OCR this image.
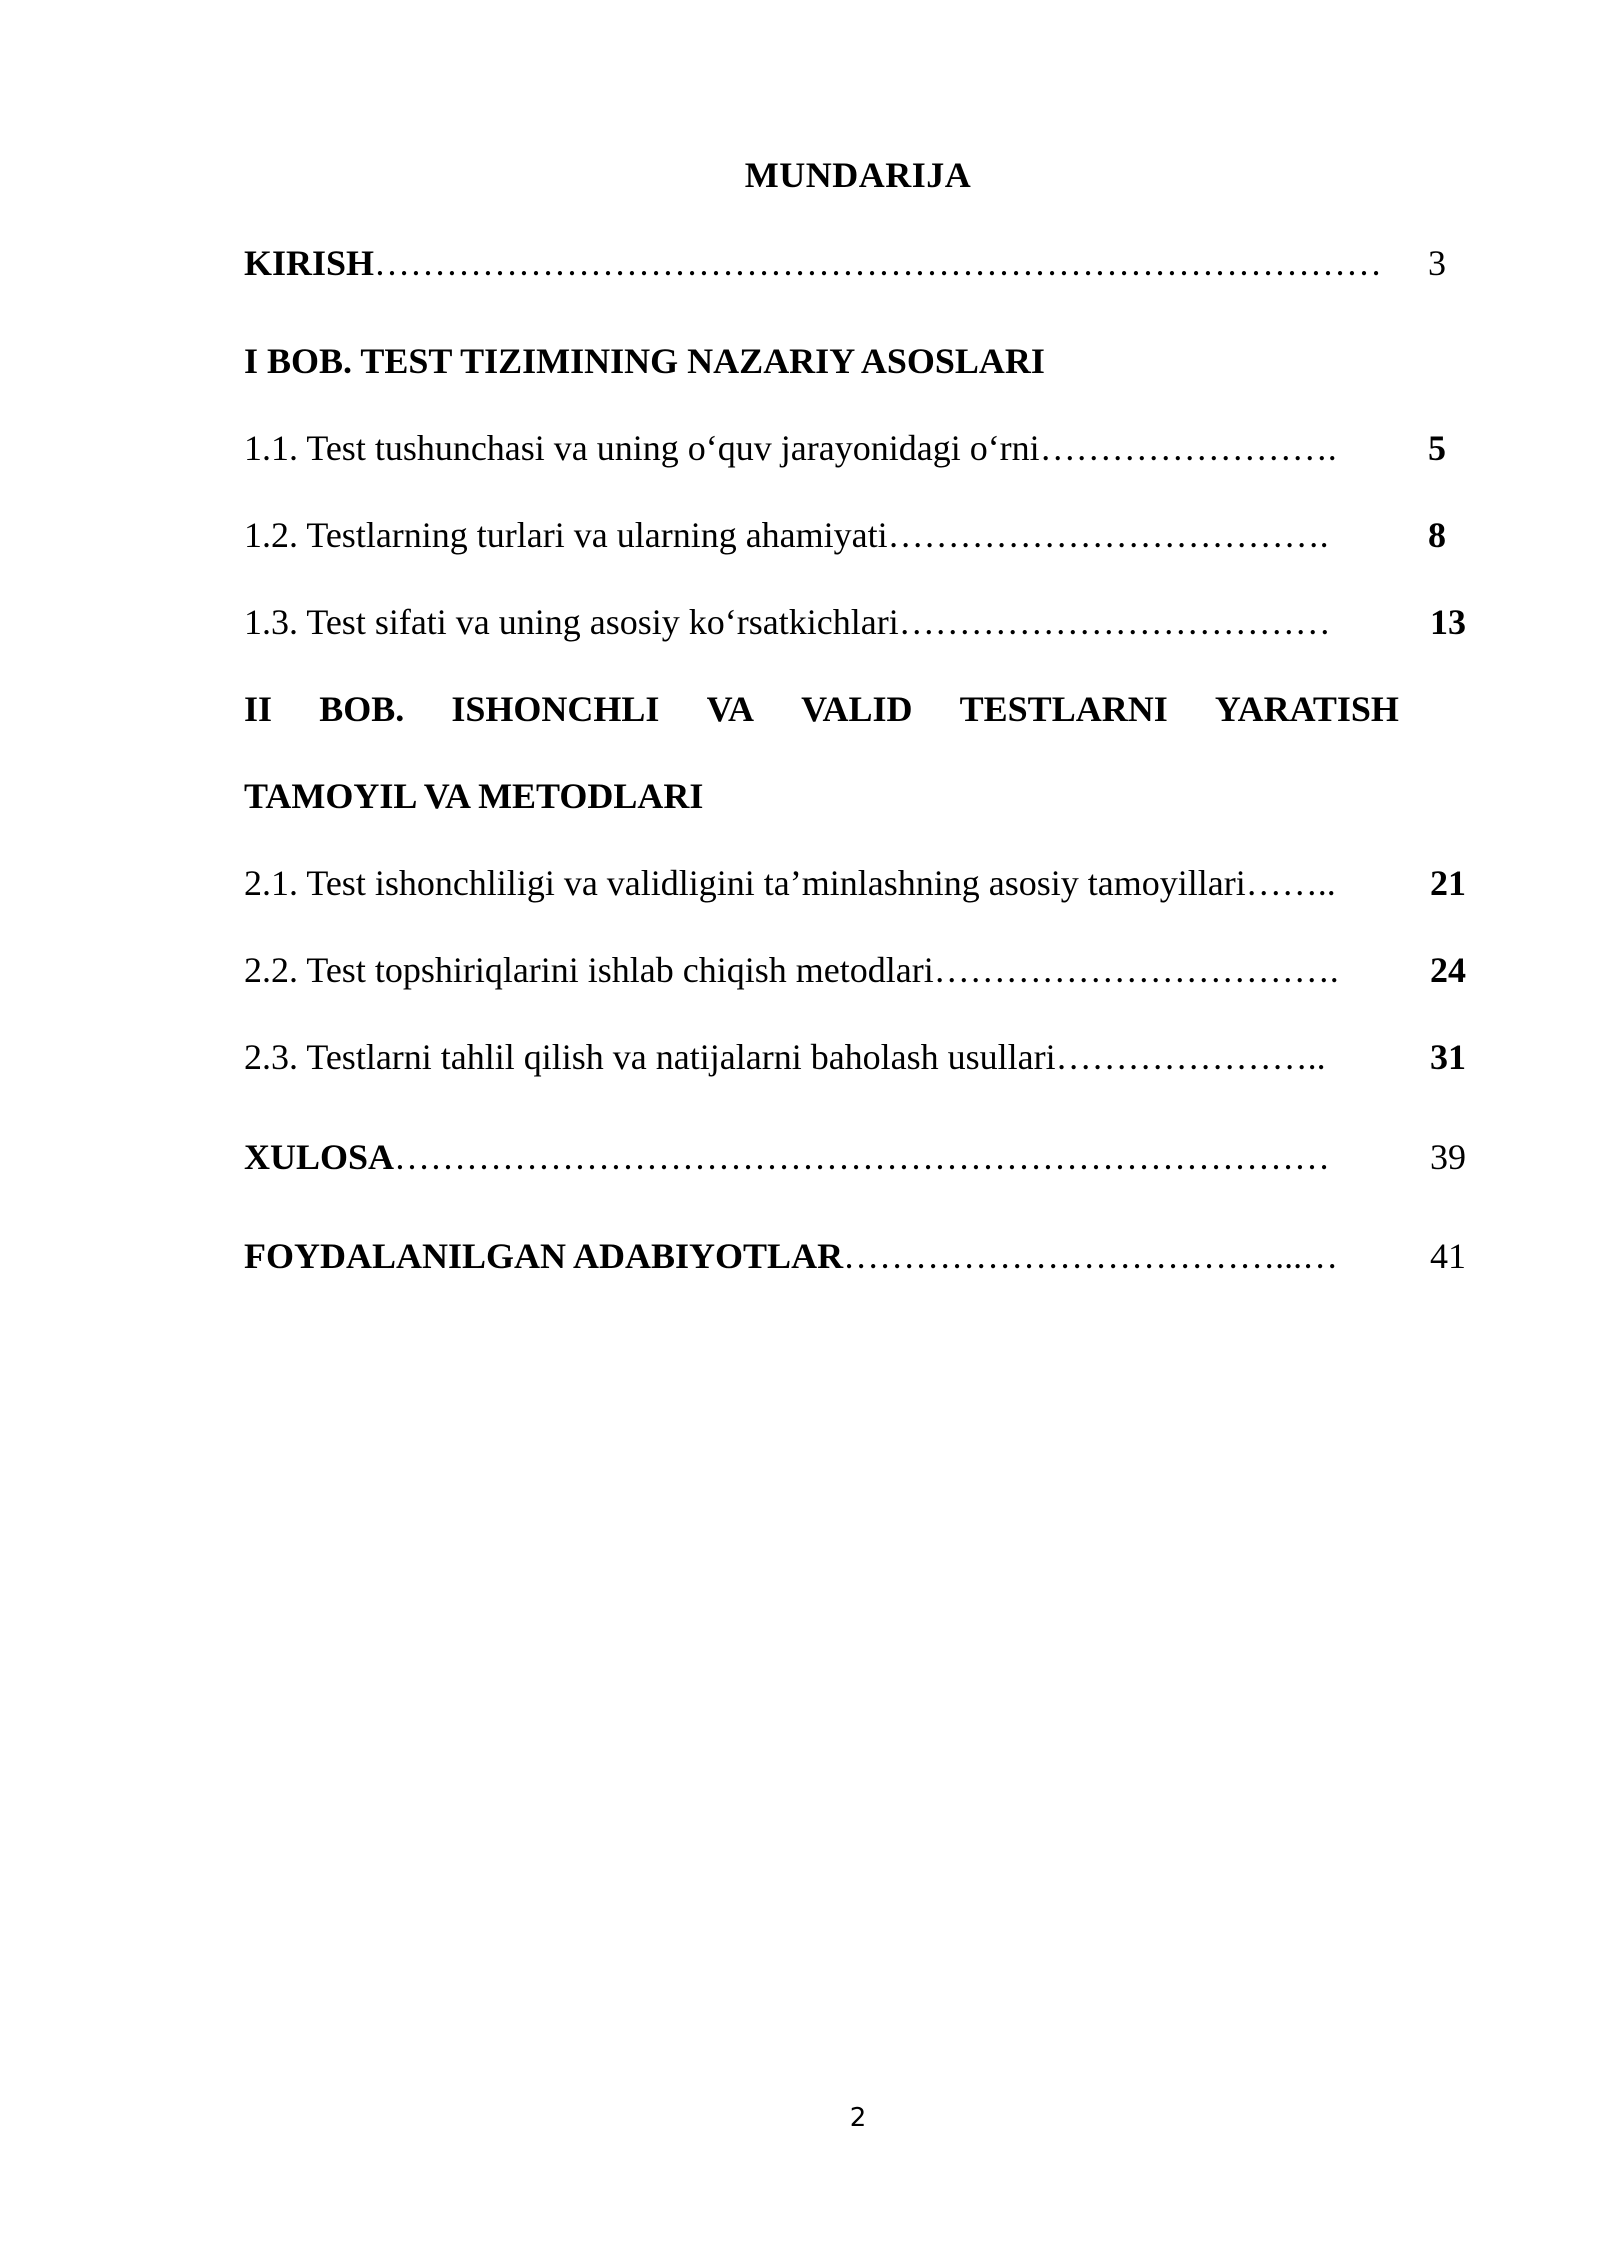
MUNDARIJA
KIRISH…………………………………………………………………………	3
I BOB. TEST TIZIMINING NAZARIY ASOSLARI
1.1. Test tushunchasi va uning o‘quv jarayonidagi o‘rni…………………….	5
1.2. Testlarning turlari va ularning ahamiyati……………………………….	8
1.3. Test sifati va uning asosiy ko‘rsatkichlari………………………………	13
II BOB. ISHONCHLI VA VALID TESTLARNI YARATISH
TAMOYIL VA METODLARI
2.1. Test ishonchliligi va validligini ta’minlashning asosiy tamoyillari……..	21
2.2. Test topshiriqlarini ishlab chiqish metodlari…………………………….	24
2.3. Testlarni tahlil qilish va natijalarni baholash usullari…………………..	31
XULOSA……………………………………………………………………	39
FOYDALANILGAN ADABIYOTLAR………………………………...…	41
2
